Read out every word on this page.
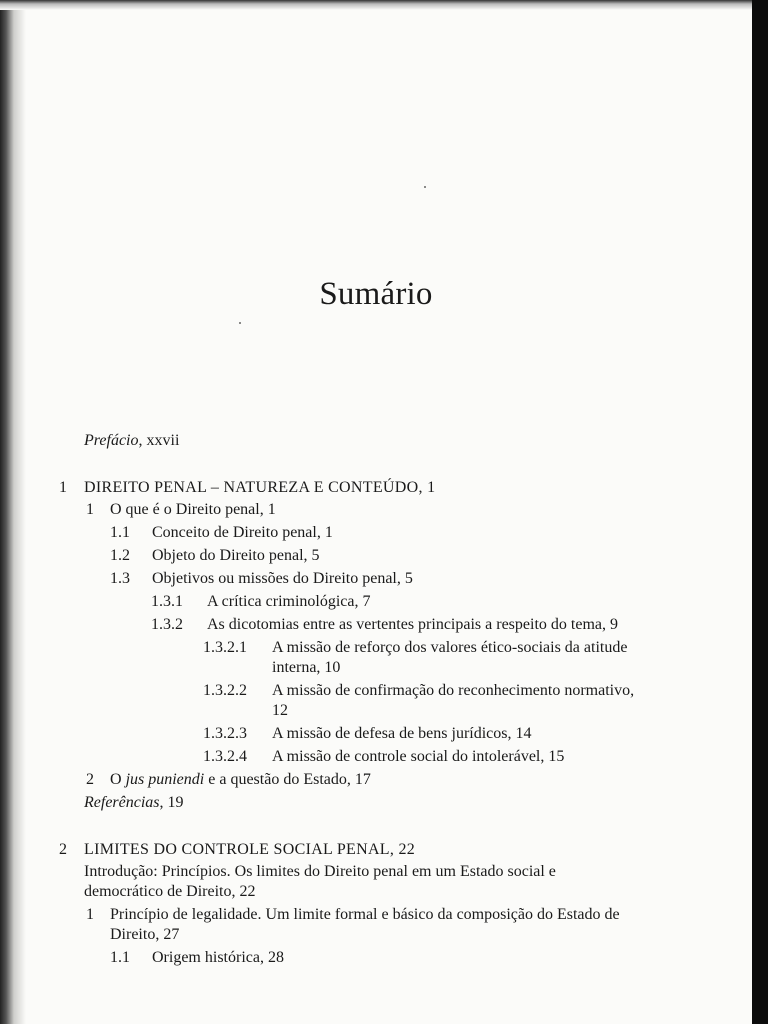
Sumário
Prefácio, xxvii
1 DIREITO PENAL – NATUREZA E CONTEÚDO, 1
1 O que é o Direito penal, 1
1.1 Conceito de Direito penal, 1
1.2 Objeto do Direito penal, 5
1.3 Objetivos ou missões do Direito penal, 5
1.3.1 A crítica criminológica, 7
1.3.2 As dicotomias entre as vertentes principais a respeito do tema, 9
1.3.2.1 A missão de reforço dos valores ético-sociais da atitude
interna, 10
1.3.2.2 A missão de confirmação do reconhecimento normativo,
12
1.3.2.3 A missão de defesa de bens jurídicos, 14
1.3.2.4 A missão de controle social do intolerável, 15
2 O jus puniendi e a questão do Estado, 17
Referências, 19
2 LIMITES DO CONTROLE SOCIAL PENAL, 22
Introdução: Princípios. Os limites do Direito penal em um Estado social e
democrático de Direito, 22
1 Princípio de legalidade. Um limite formal e básico da composição do Estado de
Direito, 27
1.1 Origem histórica, 28
